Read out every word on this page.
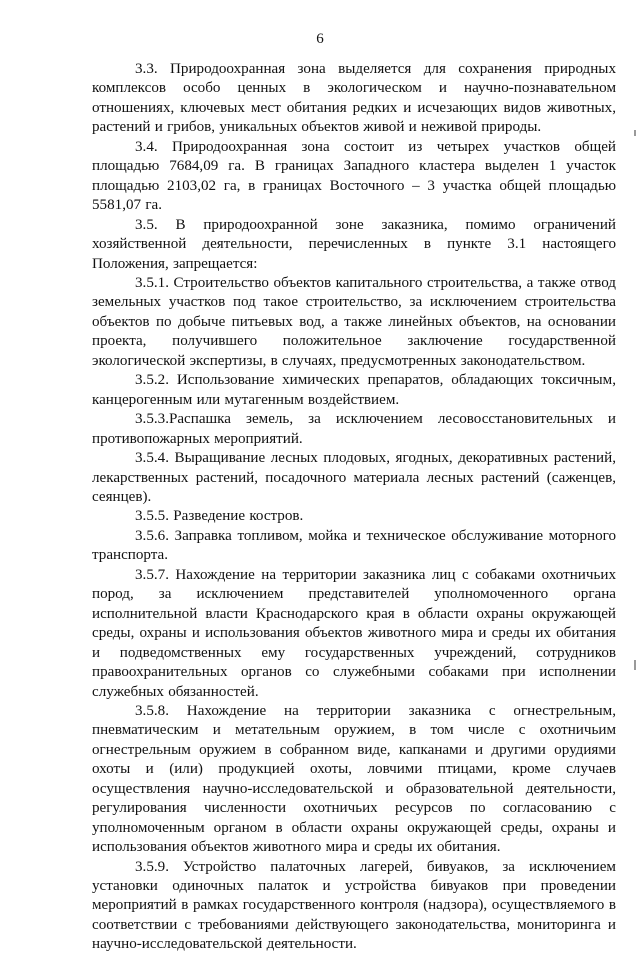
6

3.3. Природоохранная зона выделяется для сохранения природных комплексов особо ценных в экологическом и научно-познавательном отношениях, ключевых мест обитания редких и исчезающих видов животных, растений и грибов, уникальных объектов живой и неживой природы.

3.4. Природоохранная зона состоит из четырех участков общей площадью 7684,09 га. В границах Западного кластера выделен 1 участок площадью 2103,02 га, в границах Восточного – 3 участка общей площадью 5581,07 га.

3.5. В природоохранной зоне заказника, помимо ограничений хозяйственной деятельности, перечисленных в пункте 3.1 настоящего Положения, запрещается:

3.5.1. Строительство объектов капитального строительства, а также отвод земельных участков под такое строительство, за исключением строительства объектов по добыче питьевых вод, а также линейных объектов, на основании проекта, получившего положительное заключение государственной экологической экспертизы, в случаях, предусмотренных законодательством.

3.5.2. Использование химических препаратов, обладающих токсичным, канцерогенным или мутагенным воздействием.

3.5.3.Распашка земель, за исключением лесовосстановительных и противопожарных мероприятий.

3.5.4. Выращивание лесных плодовых, ягодных, декоративных растений, лекарственных растений, посадочного материала лесных растений (саженцев, сеянцев).

3.5.5. Разведение костров.

3.5.6. Заправка топливом, мойка и техническое обслуживание моторного транспорта.

3.5.7. Нахождение на территории заказника лиц с собаками охотничьих пород, за исключением представителей уполномоченного органа исполнительной власти Краснодарского края в области охраны окружающей среды, охраны и использования объектов животного мира и среды их обитания и подведомственных ему государственных учреждений, сотрудников правоохранительных органов со служебными собаками при исполнении служебных обязанностей.

3.5.8. Нахождение на территории заказника с огнестрельным, пневматическим и метательным оружием, в том числе с охотничьим огнестрельным оружием в собранном виде, капканами и другими орудиями охоты и (или) продукцией охоты, ловчими птицами, кроме случаев осуществления научно-исследовательской и образовательной деятельности, регулирования численности охотничьих ресурсов по согласованию с уполномоченным органом в области охраны окружающей среды, охраны и использования объектов животного мира и среды их обитания.

3.5.9. Устройство палаточных лагерей, бивуаков, за исключением установки одиночных палаток и устройства бивуаков при проведении мероприятий в рамках государственного контроля (надзора), осуществляемого в соответствии с требованиями действующего законодательства, мониторинга и научно-исследовательской деятельности.
